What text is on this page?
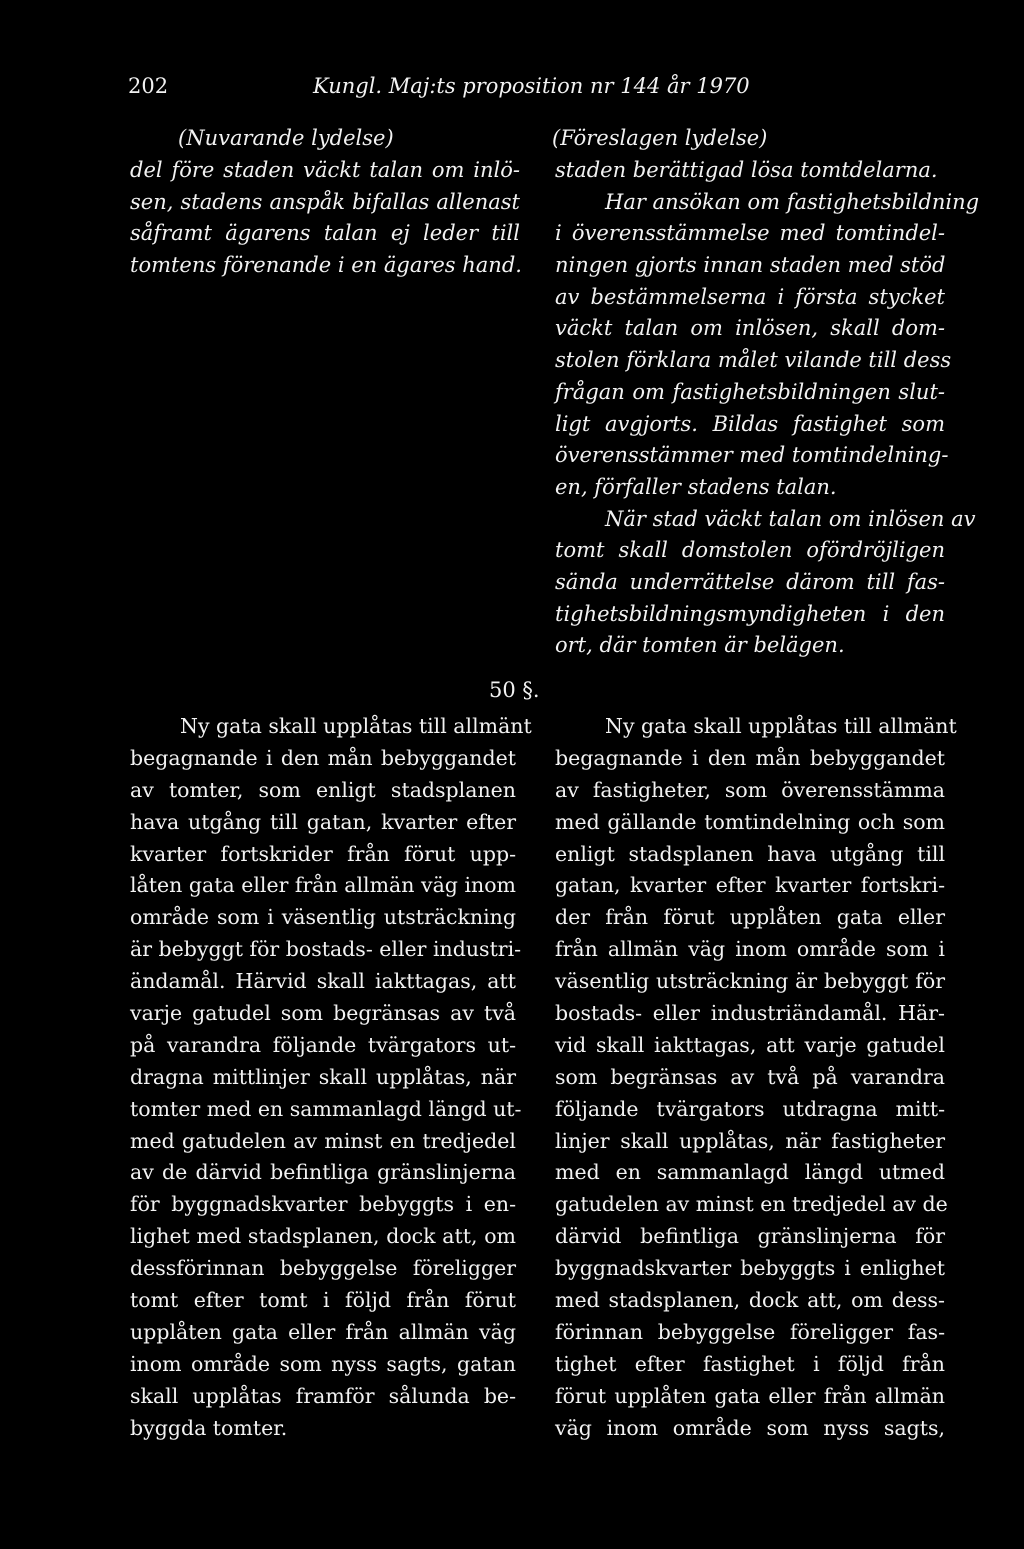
202	Kungl. Maj:ts proposition nr 144 år 1970
(Nuvarande lydelse)	(Föreslagen lydelse)
del före staden väckt talan om inlö-
sen, stadens anspåk bifallas allenast
såframt ägarens talan ej leder till
tomtens förenande i en ägares hand.
staden berättigad lösa tomtdelarna.
Har ansökan om fastighetsbildning
i överensstämmelse med tomtindel-
ningen gjorts innan staden med stöd
av bestämmelserna i första stycket
väckt talan om inlösen, skall dom-
stolen förklara målet vilande till dess
frågan om fastighetsbildningen slut-
ligt avgjorts. Bildas fastighet som
överensstämmer med tomtindelning-
en, förfaller stadens talan.
När stad väckt talan om inlösen av
tomt skall domstolen ofördröjligen
sända underrättelse därom till fas-
tighetsbildningsmyndigheten i den
ort, där tomten är belägen.
50 §.
Ny gata skall upplåtas till allmänt
begagnande i den mån bebyggandet
av tomter, som enligt stadsplanen
hava utgång till gatan, kvarter efter
kvarter fortskrider från förut upp-
låten gata eller från allmän väg inom
område som i väsentlig utsträckning
är bebyggt för bostads- eller industri-
ändamål. Härvid skall iakttagas, att
varje gatudel som begränsas av två
på varandra följande tvärgators ut-
dragna mittlinjer skall upplåtas, när
tomter med en sammanlagd längd ut-
med gatudelen av minst en tredjedel
av de därvid befintliga gränslinjerna
för byggnadskvarter bebyggts i en-
lighet med stadsplanen, dock att, om
dessförinnan bebyggelse föreligger
tomt efter tomt i följd från förut
upplåten gata eller från allmän väg
inom område som nyss sagts, gatan
skall upplåtas framför sålunda be-
byggda tomter.
Ny gata skall upplåtas till allmänt
begagnande i den mån bebyggandet
av fastigheter, som överensstämma
med gällande tomtindelning och som
enligt stadsplanen hava utgång till
gatan, kvarter efter kvarter fortskri-
der från förut upplåten gata eller
från allmän väg inom område som i
väsentlig utsträckning är bebyggt för
bostads- eller industriändamål. Här-
vid skall iakttagas, att varje gatudel
som begränsas av två på varandra
följande tvärgators utdragna mitt-
linjer skall upplåtas, när fastigheter
med en sammanlagd längd utmed
gatudelen av minst en tredjedel av de
därvid befintliga gränslinjerna för
byggnadskvarter bebyggts i enlighet
med stadsplanen, dock att, om dess-
förinnan bebyggelse föreligger fas-
tighet efter fastighet i följd från
förut upplåten gata eller från allmän
väg inom område som nyss sagts,
